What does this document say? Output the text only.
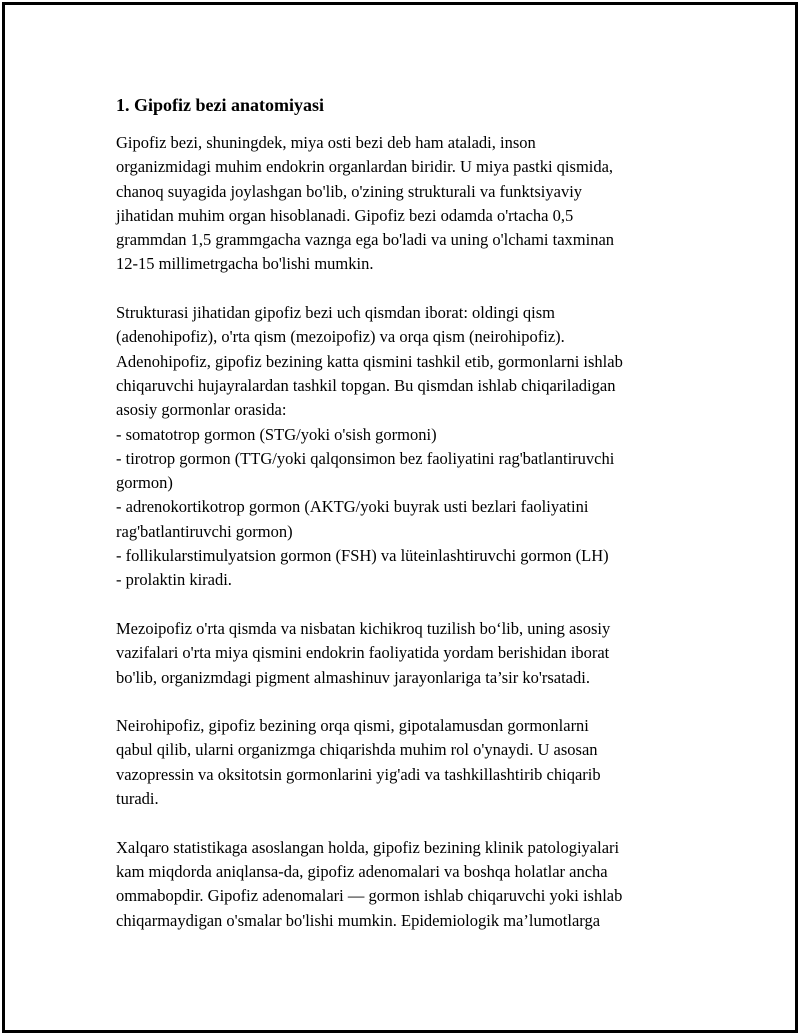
1. Gipofiz bezi anatomiyasi
Gipofiz bezi, shuningdek, miya osti bezi deb ham ataladi, inson
organizmidagi muhim endokrin organlardan biridir. U miya pastki qismida,
chanoq suyagida joylashgan bo'lib, o'zining strukturali va funktsiyaviy
jihatidan muhim organ hisoblanadi. Gipofiz bezi odamda o'rtacha 0,5
grammdan 1,5 grammgacha vaznga ega bo'ladi va uning o'lchami taxminan
12-15 millimetrgacha bo'lishi mumkin.
Strukturasi jihatidan gipofiz bezi uch qismdan iborat: oldingi qism
(adenohipofiz), o'rta qism (mezoipofiz) va orqa qism (neirohipofiz).
Adenohipofiz, gipofiz bezining katta qismini tashkil etib, gormonlarni ishlab
chiqaruvchi hujayralardan tashkil topgan. Bu qismdan ishlab chiqariladigan
asosiy gormonlar orasida:
- somatotrop gormon (STG/yoki o'sish gormoni)
- tirotrop gormon (TTG/yoki qalqonsimon bez faoliyatini rag'batlantiruvchi
gormon)
- adrenokortikotrop gormon (AKTG/yoki buyrak usti bezlari faoliyatini
rag'batlantiruvchi gormon)
- follikularstimulyatsion gormon (FSH) va lüteinlashtiruvchi gormon (LH)
- prolaktin kiradi.
Mezoipofiz o'rta qismda va nisbatan kichikroq tuzilish bo‘lib, uning asosiy
vazifalari o'rta miya qismini endokrin faoliyatida yordam berishidan iborat
bo'lib, organizmdagi pigment almashinuv jarayonlariga ta’sir ko'rsatadi.
Neirohipofiz, gipofiz bezining orqa qismi, gipotalamusdan gormonlarni
qabul qilib, ularni organizmga chiqarishda muhim rol o'ynaydi. U asosan
vazopressin va oksitotsin gormonlarini yig'adi va tashkillashtirib chiqarib
turadi.
Xalqaro statistikaga asoslangan holda, gipofiz bezining klinik patologiyalari
kam miqdorda aniqlansa-da, gipofiz adenomalari va boshqa holatlar ancha
ommabopdir. Gipofiz adenomalari — gormon ishlab chiqaruvchi yoki ishlab
chiqarmaydigan o'smalar bo'lishi mumkin. Epidemiologik ma’lumotlarga
